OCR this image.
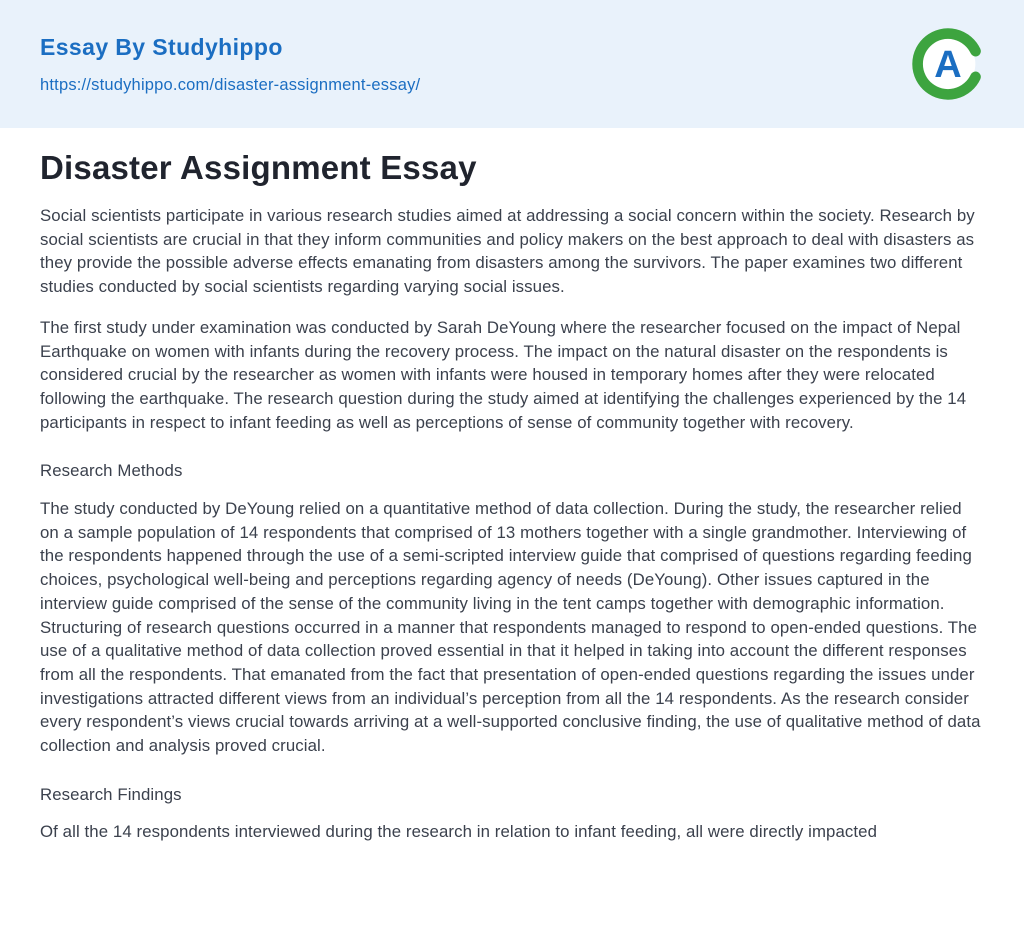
Essay By Studyhippo
https://studyhippo.com/disaster-assignment-essay/	A
Disaster Assignment Essay

Social scientists participate in various research studies aimed at addressing a social concern within the society. Research by social scientists are crucial in that they inform communities and policy makers on the best approach to deal with disasters as they provide the possible adverse effects emanating from disasters among the survivors. The paper examines two different studies conducted by social scientists regarding varying social issues.

The first study under examination was conducted by Sarah DeYoung where the researcher focused on the impact of Nepal Earthquake on women with infants during the recovery process. The impact on the natural disaster on the respondents is considered crucial by the researcher as women with infants were housed in temporary homes after they were relocated following the earthquake. The research question during the study aimed at identifying the challenges experienced by the 14 participants in respect to infant feeding as well as perceptions of sense of community together with recovery.

Research Methods

The study conducted by DeYoung relied on a quantitative method of data collection. During the study, the researcher relied on a sample population of 14 respondents that comprised of 13 mothers together with a single grandmother. Interviewing of the respondents happened through the use of a semi-scripted interview guide that comprised of questions regarding feeding choices, psychological well-being and perceptions regarding agency of needs (DeYoung). Other issues captured in the interview guide comprised of the sense of the community living in the tent camps together with demographic information. Structuring of research questions occurred in a manner that respondents managed to respond to open-ended questions. The use of a qualitative method of data collection proved essential in that it helped in taking into account the different responses from all the respondents. That emanated from the fact that presentation of open-ended questions regarding the issues under investigations attracted different views from an individual’s perception from all the 14 respondents. As the research consider every respondent’s views crucial towards arriving at a well-supported conclusive finding, the use of qualitative method of data collection and analysis proved crucial.

Research Findings

Of all the 14 respondents interviewed during the research in relation to infant feeding, all were directly impacted
